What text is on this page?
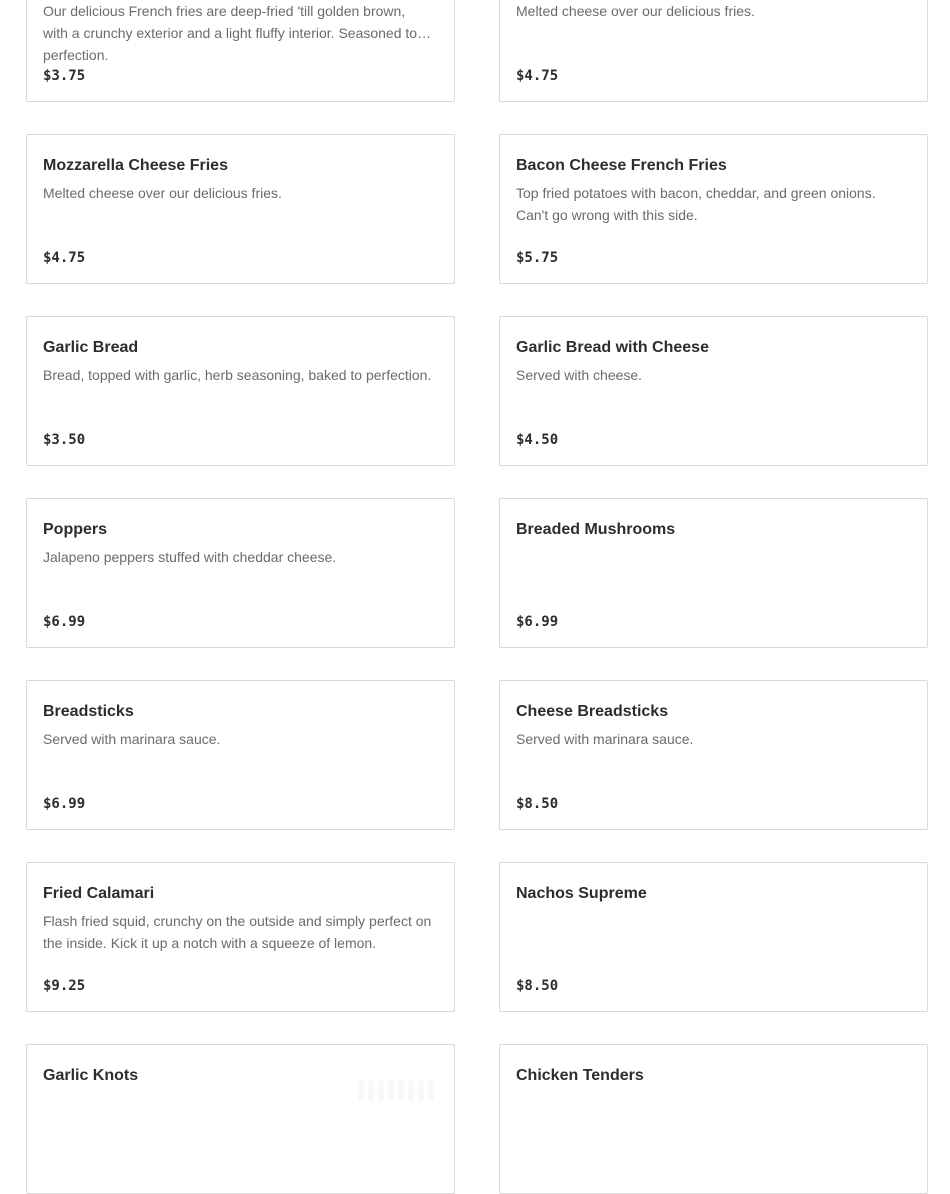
Our delicious French fries are deep-fried 'till golden brown, with a crunchy exterior and a light fluffy interior. Seasoned to perfection.
$3.75
Melted cheese over our delicious fries.
$4.75
Mozzarella Cheese Fries
Melted cheese over our delicious fries.
$4.75
Bacon Cheese French Fries
Top fried potatoes with bacon, cheddar, and green onions. Can't go wrong with this side.
$5.75
Garlic Bread
Bread, topped with garlic, herb seasoning, baked to perfection.
$3.50
Garlic Bread with Cheese
Served with cheese.
$4.50
Poppers
Jalapeno peppers stuffed with cheddar cheese.
$6.99
Breaded Mushrooms
$6.99
Breadsticks
Served with marinara sauce.
$6.99
Cheese Breadsticks
Served with marinara sauce.
$8.50
Fried Calamari
Flash fried squid, crunchy on the outside and simply perfect on the inside. Kick it up a notch with a squeeze of lemon.
$9.25
Nachos Supreme
$8.50
Garlic Knots	Chicken Tenders
